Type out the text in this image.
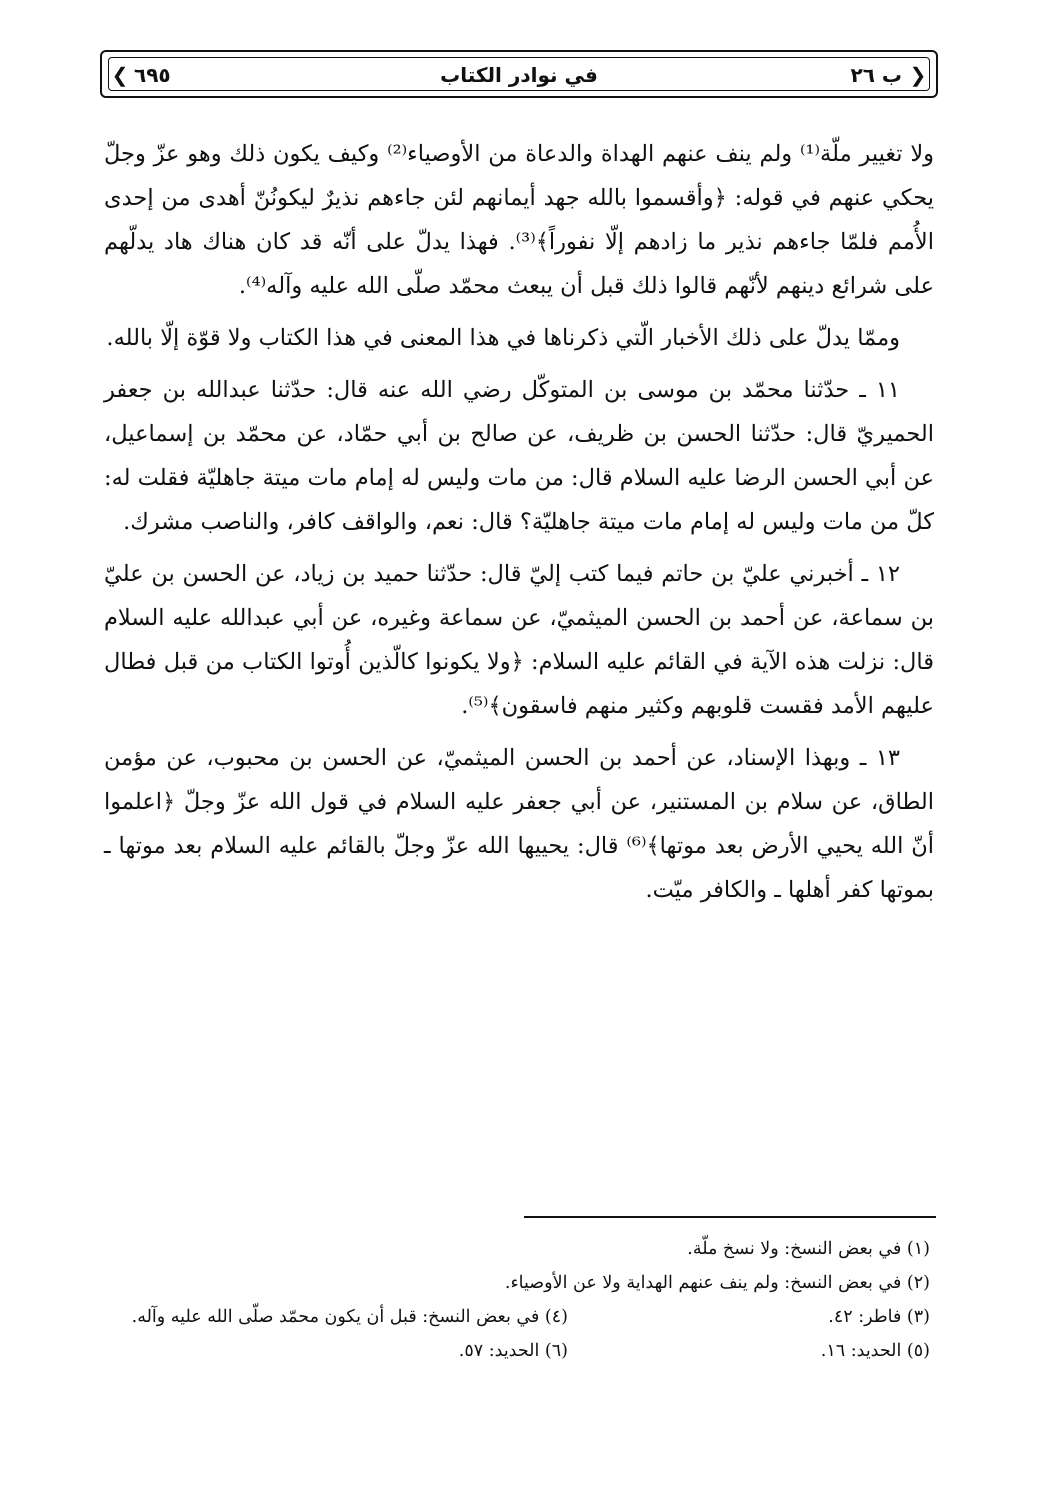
❮ ٦٩٥	في نوادر الكتاب	ب ٢٦ ❯

ولا تغيير ملّة⁽¹⁾ ولم ينف عنهم الهداة والدعاة من الأوصياء⁽²⁾ وكيف يكون ذلك وهو عزّ وجلّ يحكي عنهم في قوله: ﴿وأقسموا بالله جهد أيمانهم لئن جاءهم نذيرٌ ليكونُنّ أهدى من إحدى الأُمم فلمّا جاءهم نذير ما زادهم إلّا نفوراً﴾⁽³⁾. فهذا يدلّ على أنّه قد كان هناك هاد يدلّهم على شرائع دينهم لأنّهم قالوا ذلك قبل أن يبعث محمّد صلّى الله عليه وآله⁽⁴⁾.

وممّا يدلّ على ذلك الأخبار الّتي ذكرناها في هذا المعنى في هذا الكتاب ولا قوّة إلّا بالله.

١١ ـ حدّثنا محمّد بن موسى بن المتوكّل رضي الله عنه قال: حدّثنا عبدالله بن جعفر الحميريّ قال: حدّثنا الحسن بن ظريف، عن صالح بن أبي حمّاد، عن محمّد بن إسماعيل، عن أبي الحسن الرضا عليه السلام قال: من مات وليس له إمام مات ميتة جاهليّة فقلت له: كلّ من مات وليس له إمام مات ميتة جاهليّة؟ قال: نعم، والواقف كافر، والناصب مشرك.

١٢ ـ أخبرني عليّ بن حاتم فيما كتب إليّ قال: حدّثنا حميد بن زياد، عن الحسن بن عليّ بن سماعة، عن أحمد بن الحسن الميثميّ، عن سماعة وغيره، عن أبي عبدالله عليه السلام قال: نزلت هذه الآية في القائم عليه السلام: ﴿ولا يكونوا كالّذين أُوتوا الكتاب من قبل فطال عليهم الأمد فقست قلوبهم وكثير منهم فاسقون﴾⁽⁵⁾.

١٣ ـ وبهذا الإسناد، عن أحمد بن الحسن الميثميّ، عن الحسن بن محبوب، عن مؤمن الطاق، عن سلام بن المستنير، عن أبي جعفر عليه السلام في قول الله عزّ وجلّ ﴿اعلموا أنّ الله يحيي الأرض بعد موتها﴾⁽⁶⁾ قال: يحييها الله عزّ وجلّ بالقائم عليه السلام بعد موتها ـ بموتها كفر أهلها ـ والكافر ميّت.

(١) في بعض النسخ: ولا نسخ ملّة.
(٢) في بعض النسخ: ولم ينف عنهم الهداية ولا عن الأوصياء.
(٣) فاطر: ٤٢.
(٤) في بعض النسخ: قبل أن يكون محمّد صلّى الله عليه وآله.
(٥) الحديد: ١٦.
(٦) الحديد: ٥٧.
